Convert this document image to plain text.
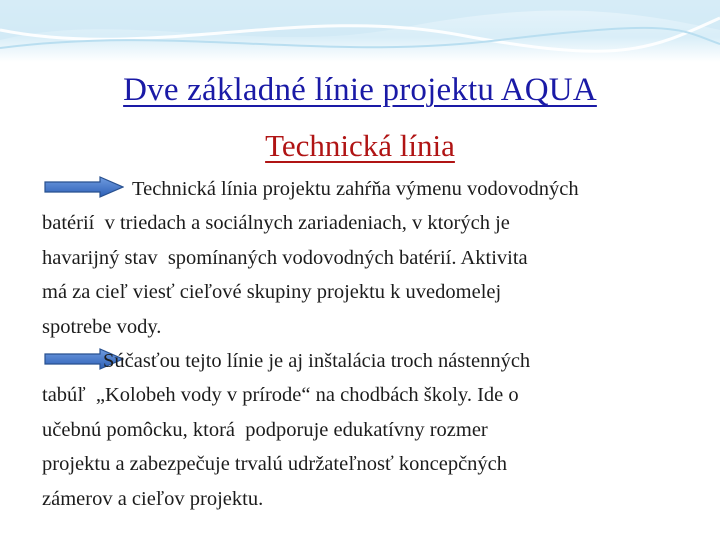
Dve základné línie projektu AQUA
Technická línia

Technická línia projektu zahŕňa výmenu vodovodných
batérií  v triedach a sociálnych zariadeniach, v ktorých je
havarijný stav  spomínaných vodovodných batérií. Aktivita
má za cieľ viesť cieľové skupiny projektu k uvedomelej
spotrebe vody.

Súčasťou tejto línie je aj inštalácia troch nástenných
tabúľ  „Kolobeh vody v prírode“ na chodbách školy. Ide o
učebnú pomôcku, ktorá  podporuje edukatívny rozmer
projektu a zabezpečuje trvalú udržateľnosť koncepčných
zámerov a cieľov projektu.
